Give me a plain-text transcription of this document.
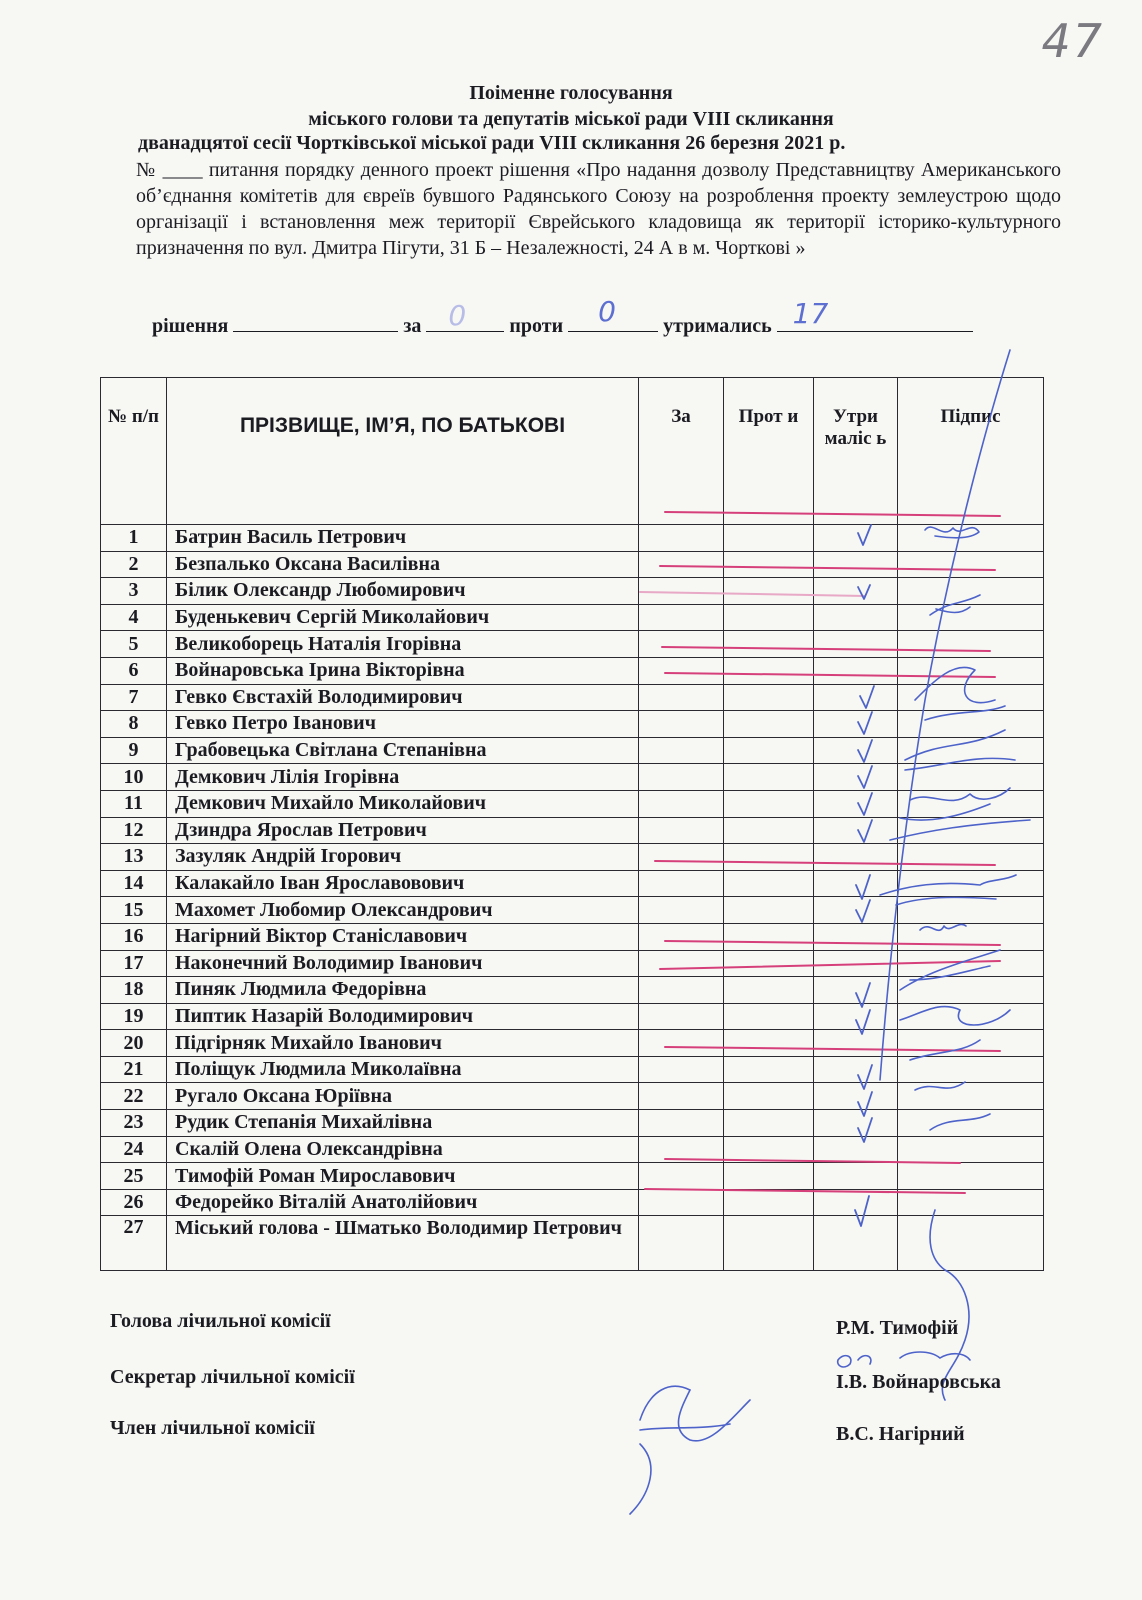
47
Поіменне голосування
міського голови та депутатів міської ради VIII скликання
дванадцятої сесії Чортківської міської ради VIII скликання 26 березня 2021 р.
№ ____ питання порядку денного проект рішення «Про надання дозволу Представництву Американського об’єднання комітетів для євреїв бувшого Радянського Союзу на розроблення проекту землеустрою щодо організації і встановлення меж території Єврейського кладовища як території історико-культурного призначення по вул. Дмитра Пігути, 31 Б – Незалежності, 24 А в м. Чорткові »
рішення	за 0 проти 0 утримались 17
№ п/п	ПРІЗВИЩЕ, ІМ’Я, ПО БАТЬКОВІ	За	Прот и	Утри маліс ь	Підпис
1	Батрин Василь Петрович				
2	Безпалько Оксана Василівна				
3	Білик Олександр Любомирович				
4	Буденькевич Сергій Миколайович				
5	Великоборець Наталія Ігорівна				
6	Войнаровська Ірина Вікторівна				
7	Гевко Євстахій Володимирович				
8	Гевко Петро Іванович				
9	Грабовецька Світлана Степанівна				
10	Демкович Лілія Ігорівна				
11	Демкович Михайло Миколайович				
12	Дзиндра Ярослав Петрович				
13	Зазуляк Андрій Ігорович				
14	Калакайло Іван Ярославовович				
15	Махомет Любомир Олександрович				
16	Нагірний Віктор Станіславович				
17	Наконечний Володимир Іванович				
18	Пиняк Людмила Федорівна				
19	Пиптик Назарій Володимирович				
20	Підгірняк Михайло Іванович				
21	Поліщук Людмила Миколаївна				
22	Ругало Оксана Юріївна				
23	Рудик Степанія Михайлівна				
24	Скалій Олена Олександрівна				
25	Тимофій Роман Мирославович				
26	Федорейко Віталій Анатолійович				
27	Міський голова - Шматько Володимир Петрович				
Голова лічильної комісії	Р.М. Тимофій
Секретар лічильної комісії	І.В. Войнаровська
Член лічильної комісії	В.С. Нагірний
